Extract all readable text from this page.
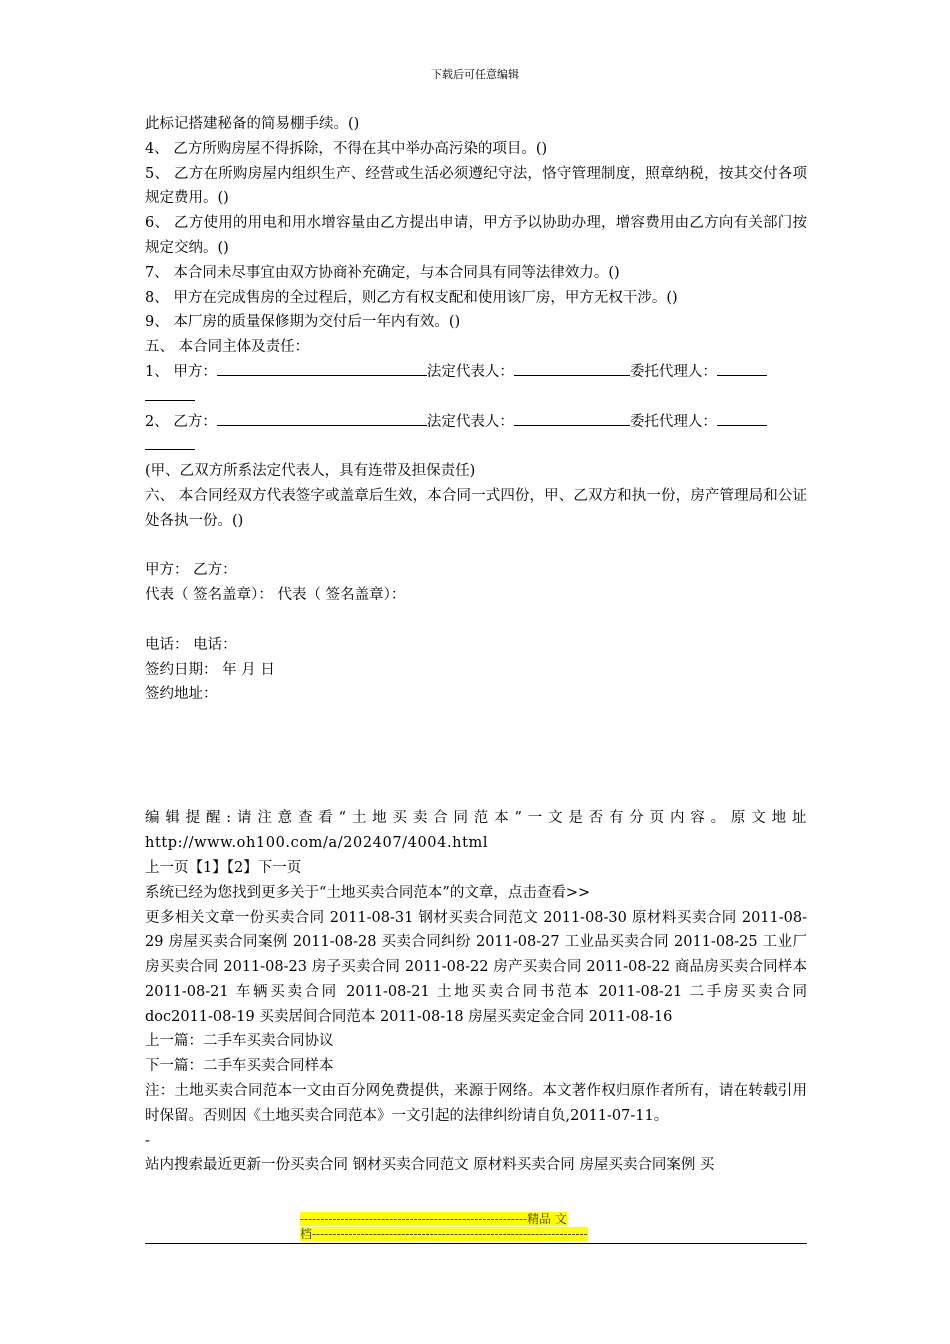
下载后可任意编辑

此标记搭建秘备的简易棚手续。()

4、 乙方所购房屋不得拆除，不得在其中举办高污染的项目。()

5、 乙方在所购房屋内组织生产、经营或生活必须遵纪守法，恪守管理制度，照章纳税，按其交付各项规定费用。()

6、 乙方使用的用电和用水增容量由乙方提出申请，甲方予以协助办理，增容费用由乙方向有关部门按规定交纳。()

7、 本合同未尽事宜由双方协商补充确定，与本合同具有同等法律效力。()

8、 甲方在完成售房的全过程后，则乙方有权支配和使用该厂房，甲方无权干涉。()

9、 本厂房的质量保修期为交付后一年内有效。()

五、 本合同主体及责任：

1、 甲方：	法定代表人：	委托代理人：

2、 乙方：	法定代表人：	委托代理人：

(甲、乙双方所系法定代表人，具有连带及担保责任)

六、 本合同经双方代表签字或盖章后生效，本合同一式四份，甲、乙双方和执一份，房产管理局和公证处各执一份。()

甲方： 乙方：

代表（ 签名盖章）： 代表（ 签名盖章）：

电话： 电话：

签约日期： 年 月 日

签约地址：

编辑提醒:请注意查看“土地买卖合同范本”一文是否有分页内容。原文地址 http://www.oh100.com/a/202407/4004.html

上一页【1】【2】下一页

系统已经为您找到更多关于“土地买卖合同范本”的文章，点击查看>>

更多相关文章一份买卖合同 2011-08-31 钢材买卖合同范文 2011-08-30 原材料买卖合同 2011-08-29 房屋买卖合同案例 2011-08-28 买卖合同纠纷 2011-08-27 工业品买卖合同 2011-08-25 工业厂房买卖合同 2011-08-23 房子买卖合同 2011-08-22 房产买卖合同 2011-08-22 商品房买卖合同样本 2011-08-21 车辆买卖合同 2011-08-21 土地买卖合同书范本 2011-08-21 二手房买卖合同 doc2011-08-19 买卖居间合同范本 2011-08-18 房屋买卖定金合同 2011-08-16

上一篇：二手车买卖合同协议

下一篇：二手车买卖合同样本

注：土地买卖合同范本一文由百分网免费提供，来源于网络。本文著作权归原作者所有，请在转载引用时保留。否则因《土地买卖合同范本》一文引起的法律纠纷请自负,2011-07-11。

-

站内搜索最近更新一份买卖合同 钢材买卖合同范文 原材料买卖合同 房屋买卖合同案例 买

--------------------------------------------------------精品 文
档--------------------------------------------------------------------
